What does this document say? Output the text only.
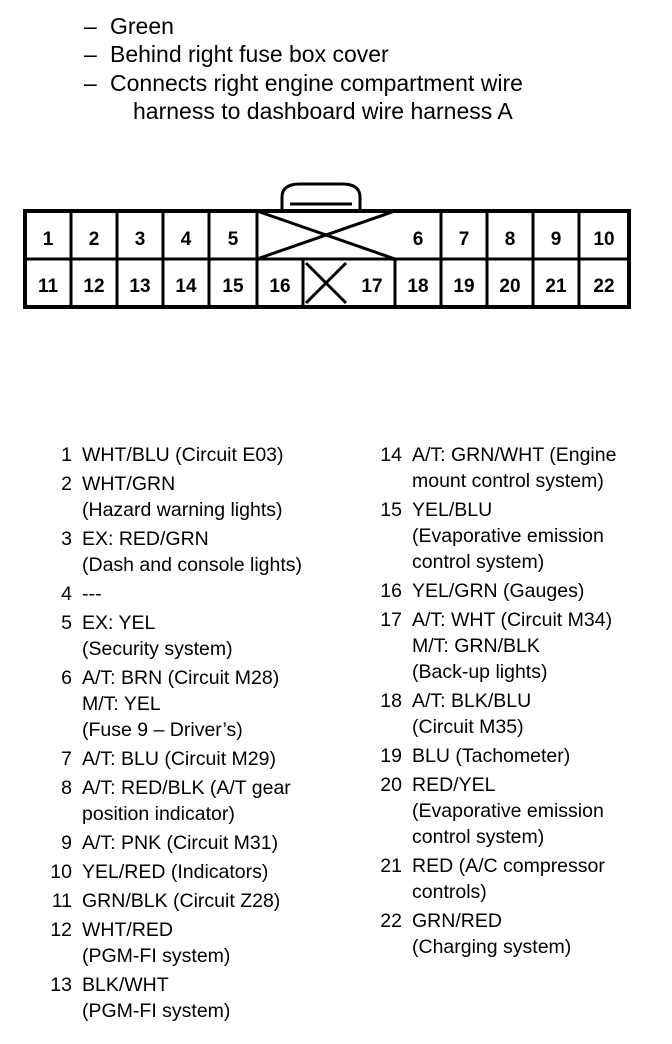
– Green
– Behind right fuse box cover
– Connects right engine compartment wire
harness to dashboard wire harness A
1 2 3 4 5	6 7 8 9 10
11 12 13 14 15 16	17 18 19 20 21 22
1 WHT/BLU (Circuit E03)
2 WHT/GRN
(Hazard warning lights)
3 EX: RED/GRN
(Dash and console lights)
4 ---
5 EX: YEL
(Security system)
6 A/T: BRN (Circuit M28)
M/T: YEL
(Fuse 9 – Driver’s)
7 A/T: BLU (Circuit M29)
8 A/T: RED/BLK (A/T gear
position indicator)
9 A/T: PNK (Circuit M31)
10 YEL/RED (Indicators)
11 GRN/BLK (Circuit Z28)
12 WHT/RED
(PGM-FI system)
13 BLK/WHT
(PGM-FI system)
14 A/T: GRN/WHT (Engine
mount control system)
15 YEL/BLU
(Evaporative emission
control system)
16 YEL/GRN (Gauges)
17 A/T: WHT (Circuit M34)
M/T: GRN/BLK
(Back-up lights)
18 A/T: BLK/BLU
(Circuit M35)
19 BLU (Tachometer)
20 RED/YEL
(Evaporative emission
control system)
21 RED (A/C compressor
controls)
22 GRN/RED
(Charging system)
